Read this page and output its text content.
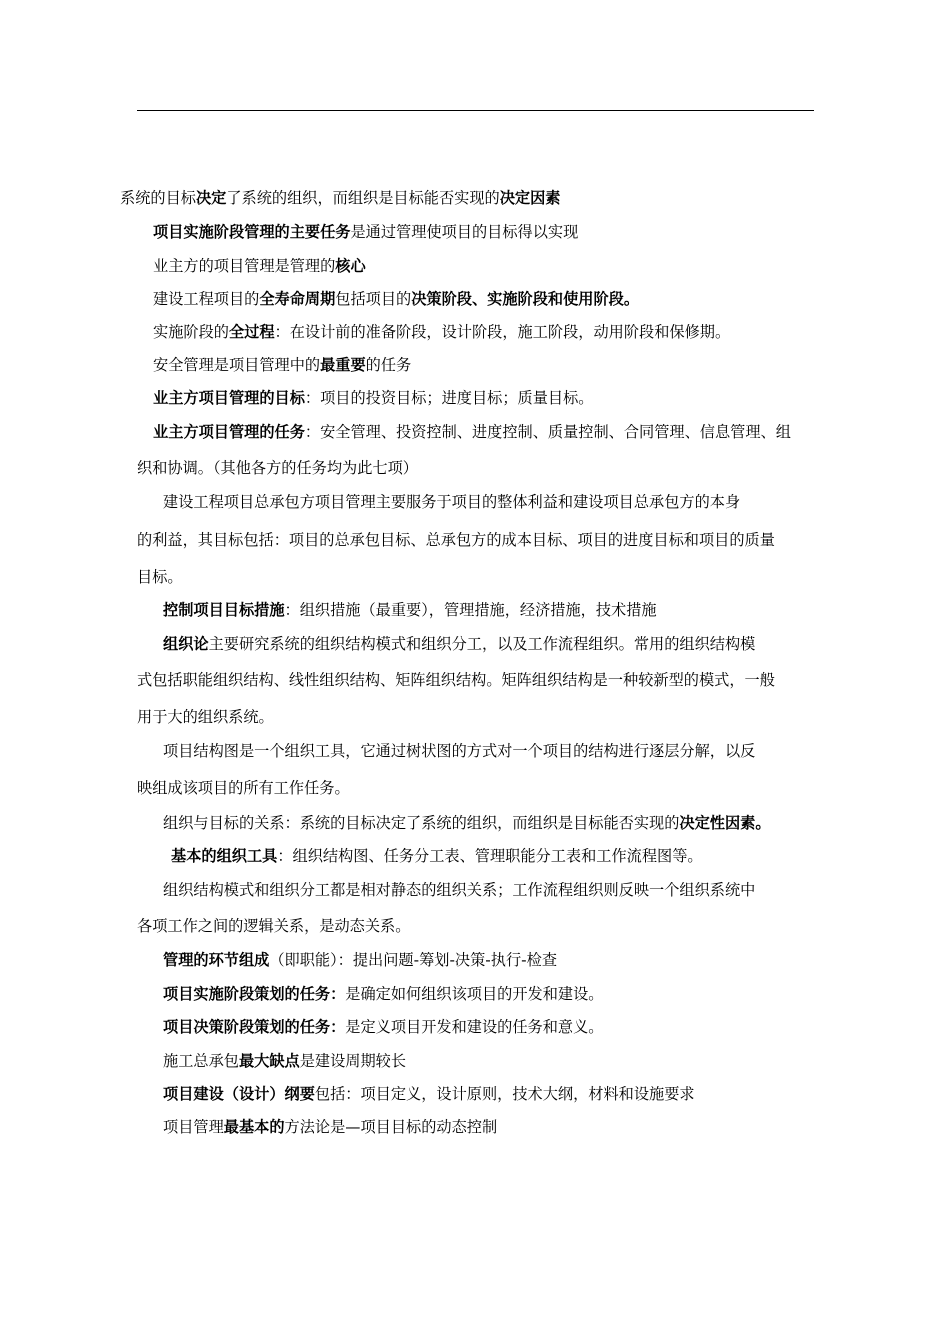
系统的目标决定了系统的组织，而组织是目标能否实现的决定因素
项目实施阶段管理的主要任务是通过管理使项目的目标得以实现
业主方的项目管理是管理的核心
建设工程项目的全寿命周期包括项目的决策阶段、实施阶段和使用阶段。
实施阶段的全过程：在设计前的准备阶段，设计阶段，施工阶段，动用阶段和保修期。
安全管理是项目管理中的最重要的任务
业主方项目管理的目标：项目的投资目标；进度目标；质量目标。
业主方项目管理的任务：安全管理、投资控制、进度控制、质量控制、合同管理、信息管理、组
织和协调。（其他各方的任务均为此七项）
建设工程项目总承包方项目管理主要服务于项目的整体利益和建设项目总承包方的本身
的利益，其目标包括：项目的总承包目标、总承包方的成本目标、项目的进度目标和项目的质量
目标。
控制项目目标措施：组织措施（最重要），管理措施，经济措施，技术措施
组织论主要研究系统的组织结构模式和组织分工，以及工作流程组织。常用的组织结构模
式包括职能组织结构、线性组织结构、矩阵组织结构。矩阵组织结构是一种较新型的模式，一般
用于大的组织系统。
项目结构图是一个组织工具，它通过树状图的方式对一个项目的结构进行逐层分解，以反
映组成该项目的所有工作任务。
组织与目标的关系：系统的目标决定了系统的组织，而组织是目标能否实现的决定性因素。
基本的组织工具：组织结构图、任务分工表、管理职能分工表和工作流程图等。
组织结构模式和组织分工都是相对静态的组织关系；工作流程组织则反映一个组织系统中
各项工作之间的逻辑关系，是动态关系。
管理的环节组成（即职能）：提出问题-筹划-决策-执行-检查
项目实施阶段策划的任务：是确定如何组织该项目的开发和建设。
项目决策阶段策划的任务：是定义项目开发和建设的任务和意义。
施工总承包最大缺点是建设周期较长
项目建设（设计）纲要包括：项目定义，设计原则，技术大纲，材料和设施要求
项目管理最基本的方法论是—项目目标的动态控制
